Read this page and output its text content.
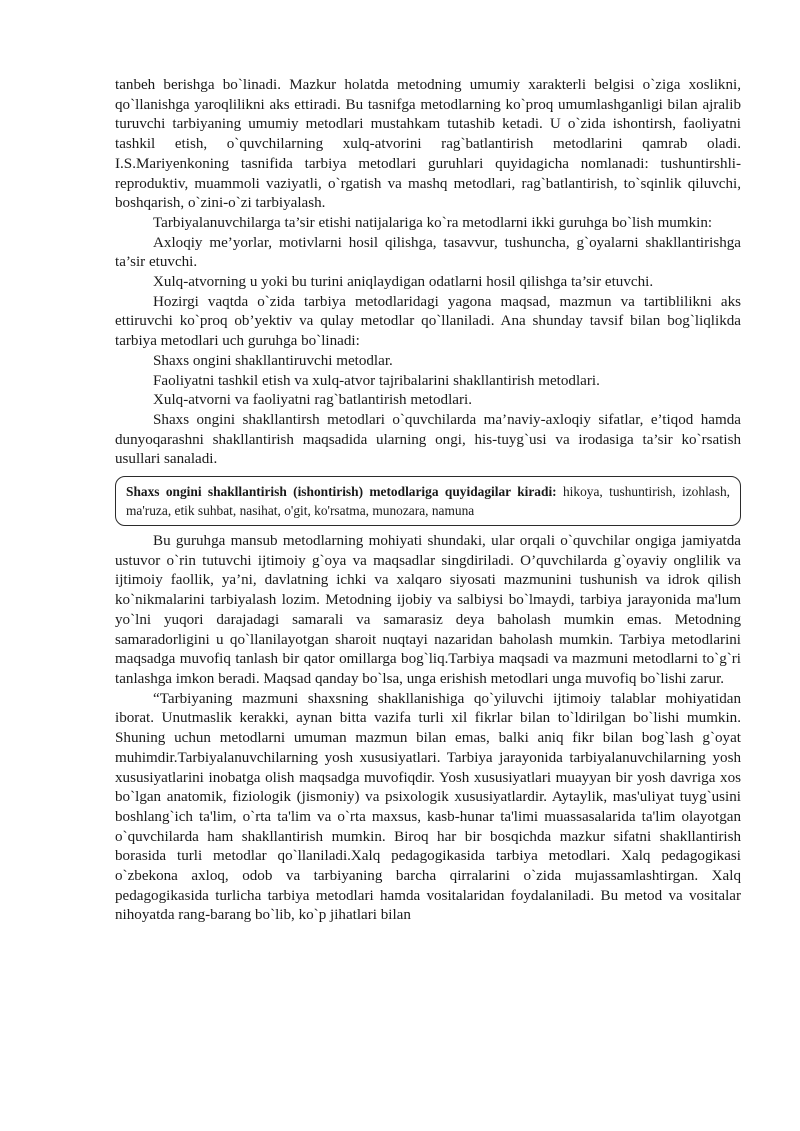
tanbeh berishga bo`linadi. Mazkur holatda metodning umumiy xarakterli belgisi o`ziga xoslikni, qo`llanishga yaroqlilikni aks ettiradi. Bu tasnifga metodlarning ko`proq umumlashganligi bilan ajralib turuvchi tarbiyaning umumiy metodlari mustahkam tutashib ketadi. U o`zida ishontirsh, faoliyatni tashkil etish, o`quvchilarning xulq-atvorini rag`batlantirish metodlarini qamrab oladi. I.S.Mariyenkoning tasnifida tarbiya metodlari guruhlari quyidagicha nomlanadi: tushuntirshli-reproduktiv, muammoli vaziyatli, o`rgatish va mashq metodlari, rag`batlantirish, to`sqinlik qiluvchi, boshqarish, o`zini-o`zi tarbiyalash.

Tarbiyalanuvchilarga ta’sir etishi natijalariga ko`ra metodlarni ikki guruhga bo`lish mumkin:

Axloqiy me’yorlar, motivlarni hosil qilishga, tasavvur, tushuncha, g`oyalarni shakllantirishga ta’sir etuvchi.

Xulq-atvorning u yoki bu turini aniqlaydigan odatlarni hosil qilishga ta’sir etuvchi.

Hozirgi vaqtda o`zida tarbiya metodlaridagi yagona maqsad, mazmun va tartiblilikni aks ettiruvchi ko`proq ob’yektiv va qulay metodlar qo`llaniladi. Ana shunday tavsif bilan bog`liqlikda tarbiya metodlari uch guruhga bo`linadi:

Shaxs ongini shakllantiruvchi metodlar.

Faoliyatni tashkil etish va xulq-atvor tajribalarini shakllantirish metodlari.

Xulq-atvorni va faoliyatni rag`batlantirish metodlari.

Shaxs ongini shakllantirsh metodlari o`quvchilarda ma’naviy-axloqiy sifatlar, e’tiqod hamda dunyoqarashni shakllantirish maqsadida ularning ongi, his-tuyg`usi va irodasiga ta’sir ko`rsatish usullari sanaladi.

Shaxs ongini shakllantirish (ishontirish) metodlariga quyidagilar kiradi: hikoya, tushuntirish, izohlash, ma'ruza, etik suhbat, nasihat, o'git, ko'rsatma, munozara, namuna

Bu guruhga mansub metodlarning mohiyati shundaki, ular orqali o`quvchilar ongiga jamiyatda ustuvor o`rin tutuvchi ijtimoiy g`oya va maqsadlar singdiriladi. O’quvchilarda g`oyaviy onglilik va ijtimoiy faollik, ya’ni, davlatning ichki va xalqaro siyosati mazmunini tushunish va idrok qilish ko`nikmalarini tarbiyalash lozim. Metodning ijobiy va salbiysi bo`lmaydi, tarbiya jarayonida ma'lum yo`lni yuqori darajadagi samarali va samarasiz deya baholash mumkin emas. Metodning samaradorligini u qo`llanilayotgan sharoit nuqtayi nazaridan baholash mumkin. Tarbiya metodlarini maqsadga muvofiq tanlash bir qator omillarga bog`liq.Tarbiya maqsadi va mazmuni metodlarni to`g`ri tanlashga imkon beradi. Maqsad qanday bo`lsa, unga erishish metodlari unga muvofiq bo`lishi zarur.

“Tarbiyaning mazmuni shaxsning shakllanishiga qo`yiluvchi ijtimoiy talablar mohiyatidan iborat. Unutmaslik kerakki, aynan bitta vazifa turli xil fikrlar bilan to`ldirilgan bo`lishi mumkin. Shuning uchun metodlarni umuman mazmun bilan emas, balki aniq fikr bilan bog`lash g`oyat muhimdir.Tarbiyalanuvchilarning yosh xususiyatlari. Tarbiya jarayonida tarbiyalanuvchilarning yosh xususiyatlarini inobatga olish maqsadga muvofiqdir. Yosh xususiyatlari muayyan bir yosh davriga xos bo`lgan anatomik, fiziologik (jismoniy) va psixologik xususiyatlardir. Aytaylik, mas'uliyat tuyg`usini boshlang`ich ta'lim, o`rta ta'lim va o`rta maxsus, kasb-hunar ta'limi muassasalarida ta'lim olayotgan o`quvchilarda ham shakllantirish mumkin. Biroq har bir bosqichda mazkur sifatni shakllantirish borasida turli metodlar qo`llaniladi.Xalq pedagogikasida tarbiya metodlari. Xalq pedagogikasi o`zbekona axloq, odob va tarbiyaning barcha qirralarini o`zida mujassamlashtirgan. Xalq pedagogikasida turlicha tarbiya metodlari hamda vositalaridan foydalaniladi. Bu metod va vositalar nihoyatda rang-barang bo`lib, ko`p jihatlari bilan
